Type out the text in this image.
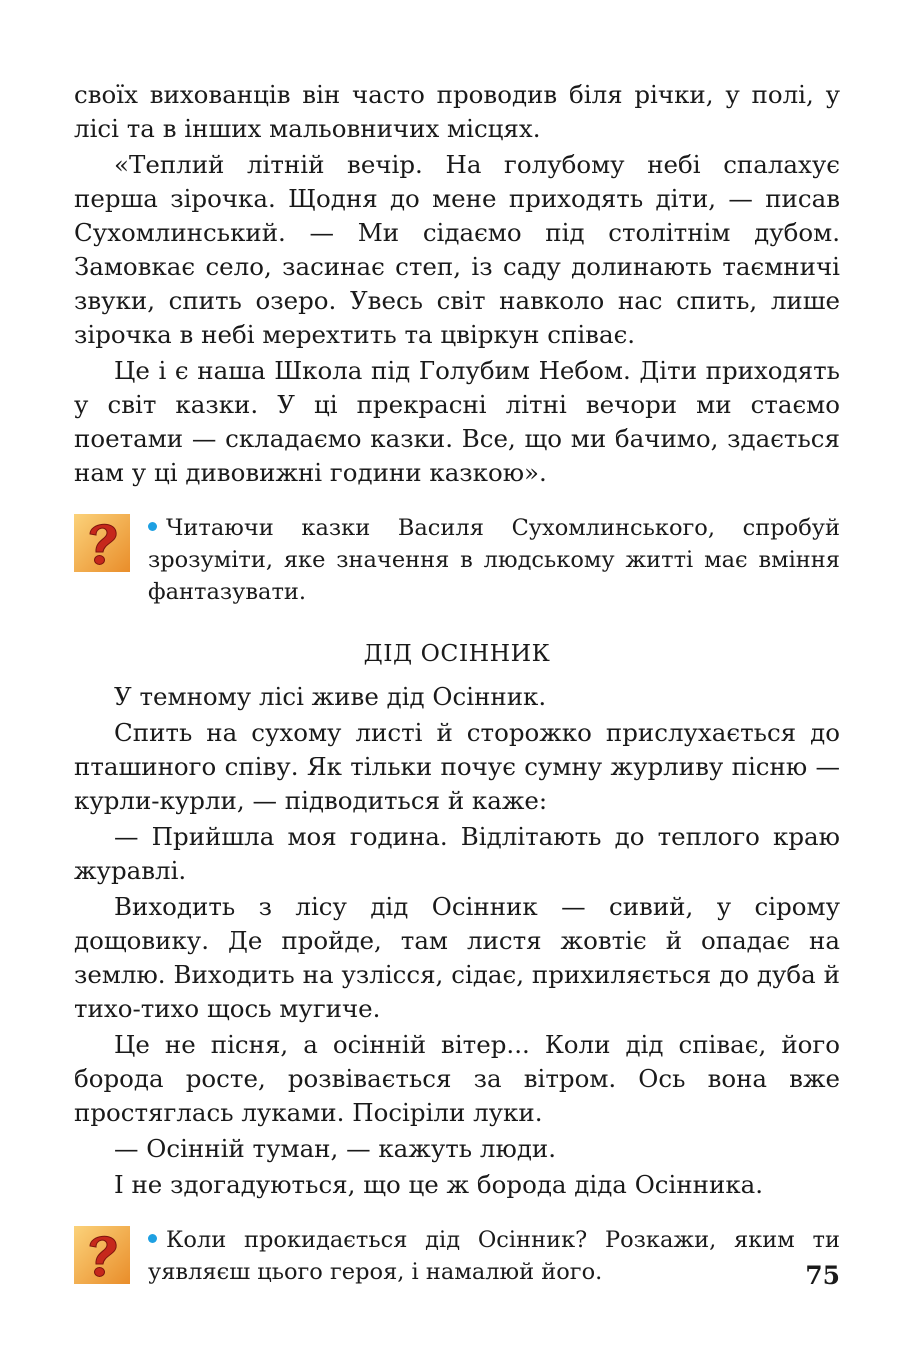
своїх вихованців він часто проводив біля річки, у полі, у лісі та в інших мальовничих місцях.

«Теплий літній вечір. На голубому небі спалахує перша зірочка. Щодня до мене приходять діти, — писав Сухомлинський. — Ми сідаємо під столітнім дубом. Замовкає село, засинає степ, із саду долинають таємничі звуки, спить озеро. Увесь світ навколо нас спить, лише зірочка в небі мерехтить та цвіркун співає.

Це і є наша Школа під Голубим Небом. Діти приходять у світ казки. У ці прекрасні літні вечори ми стаємо поетами — складаємо казки. Все, що ми бачимо, здається нам у ці дивовижні години казкою».

Читаючи казки Василя Сухомлинського, спробуй зрозуміти, яке значення в людському житті має вміння фантазувати.
ДІД ОСІННИК

У темному лісі живе дід Осінник.

Спить на сухому листі й сторожко прислухається до пташиного співу. Як тільки почує сумну журливу пісню — курли-курли, — підводиться й каже:

— Прийшла моя година. Відлітають до теплого краю журавлі.

Виходить з лісу дід Осінник — сивий, у сірому дощовику. Де пройде, там листя жовтіє й опадає на землю. Виходить на узлісся, сідає, прихиляється до дуба й тихо-тихо щось мугиче.

Це не пісня, а осінній вітер... Коли дід співає, його борода росте, розвівається за вітром. Ось вона вже простяглась луками. Посіріли луки.

— Осінній туман, — кажуть люди.

І не здогадуються, що це ж борода діда Осінника.

Коли прокидається дід Осінник? Розкажи, яким ти уявляєш цього героя, і намалюй його.	75
